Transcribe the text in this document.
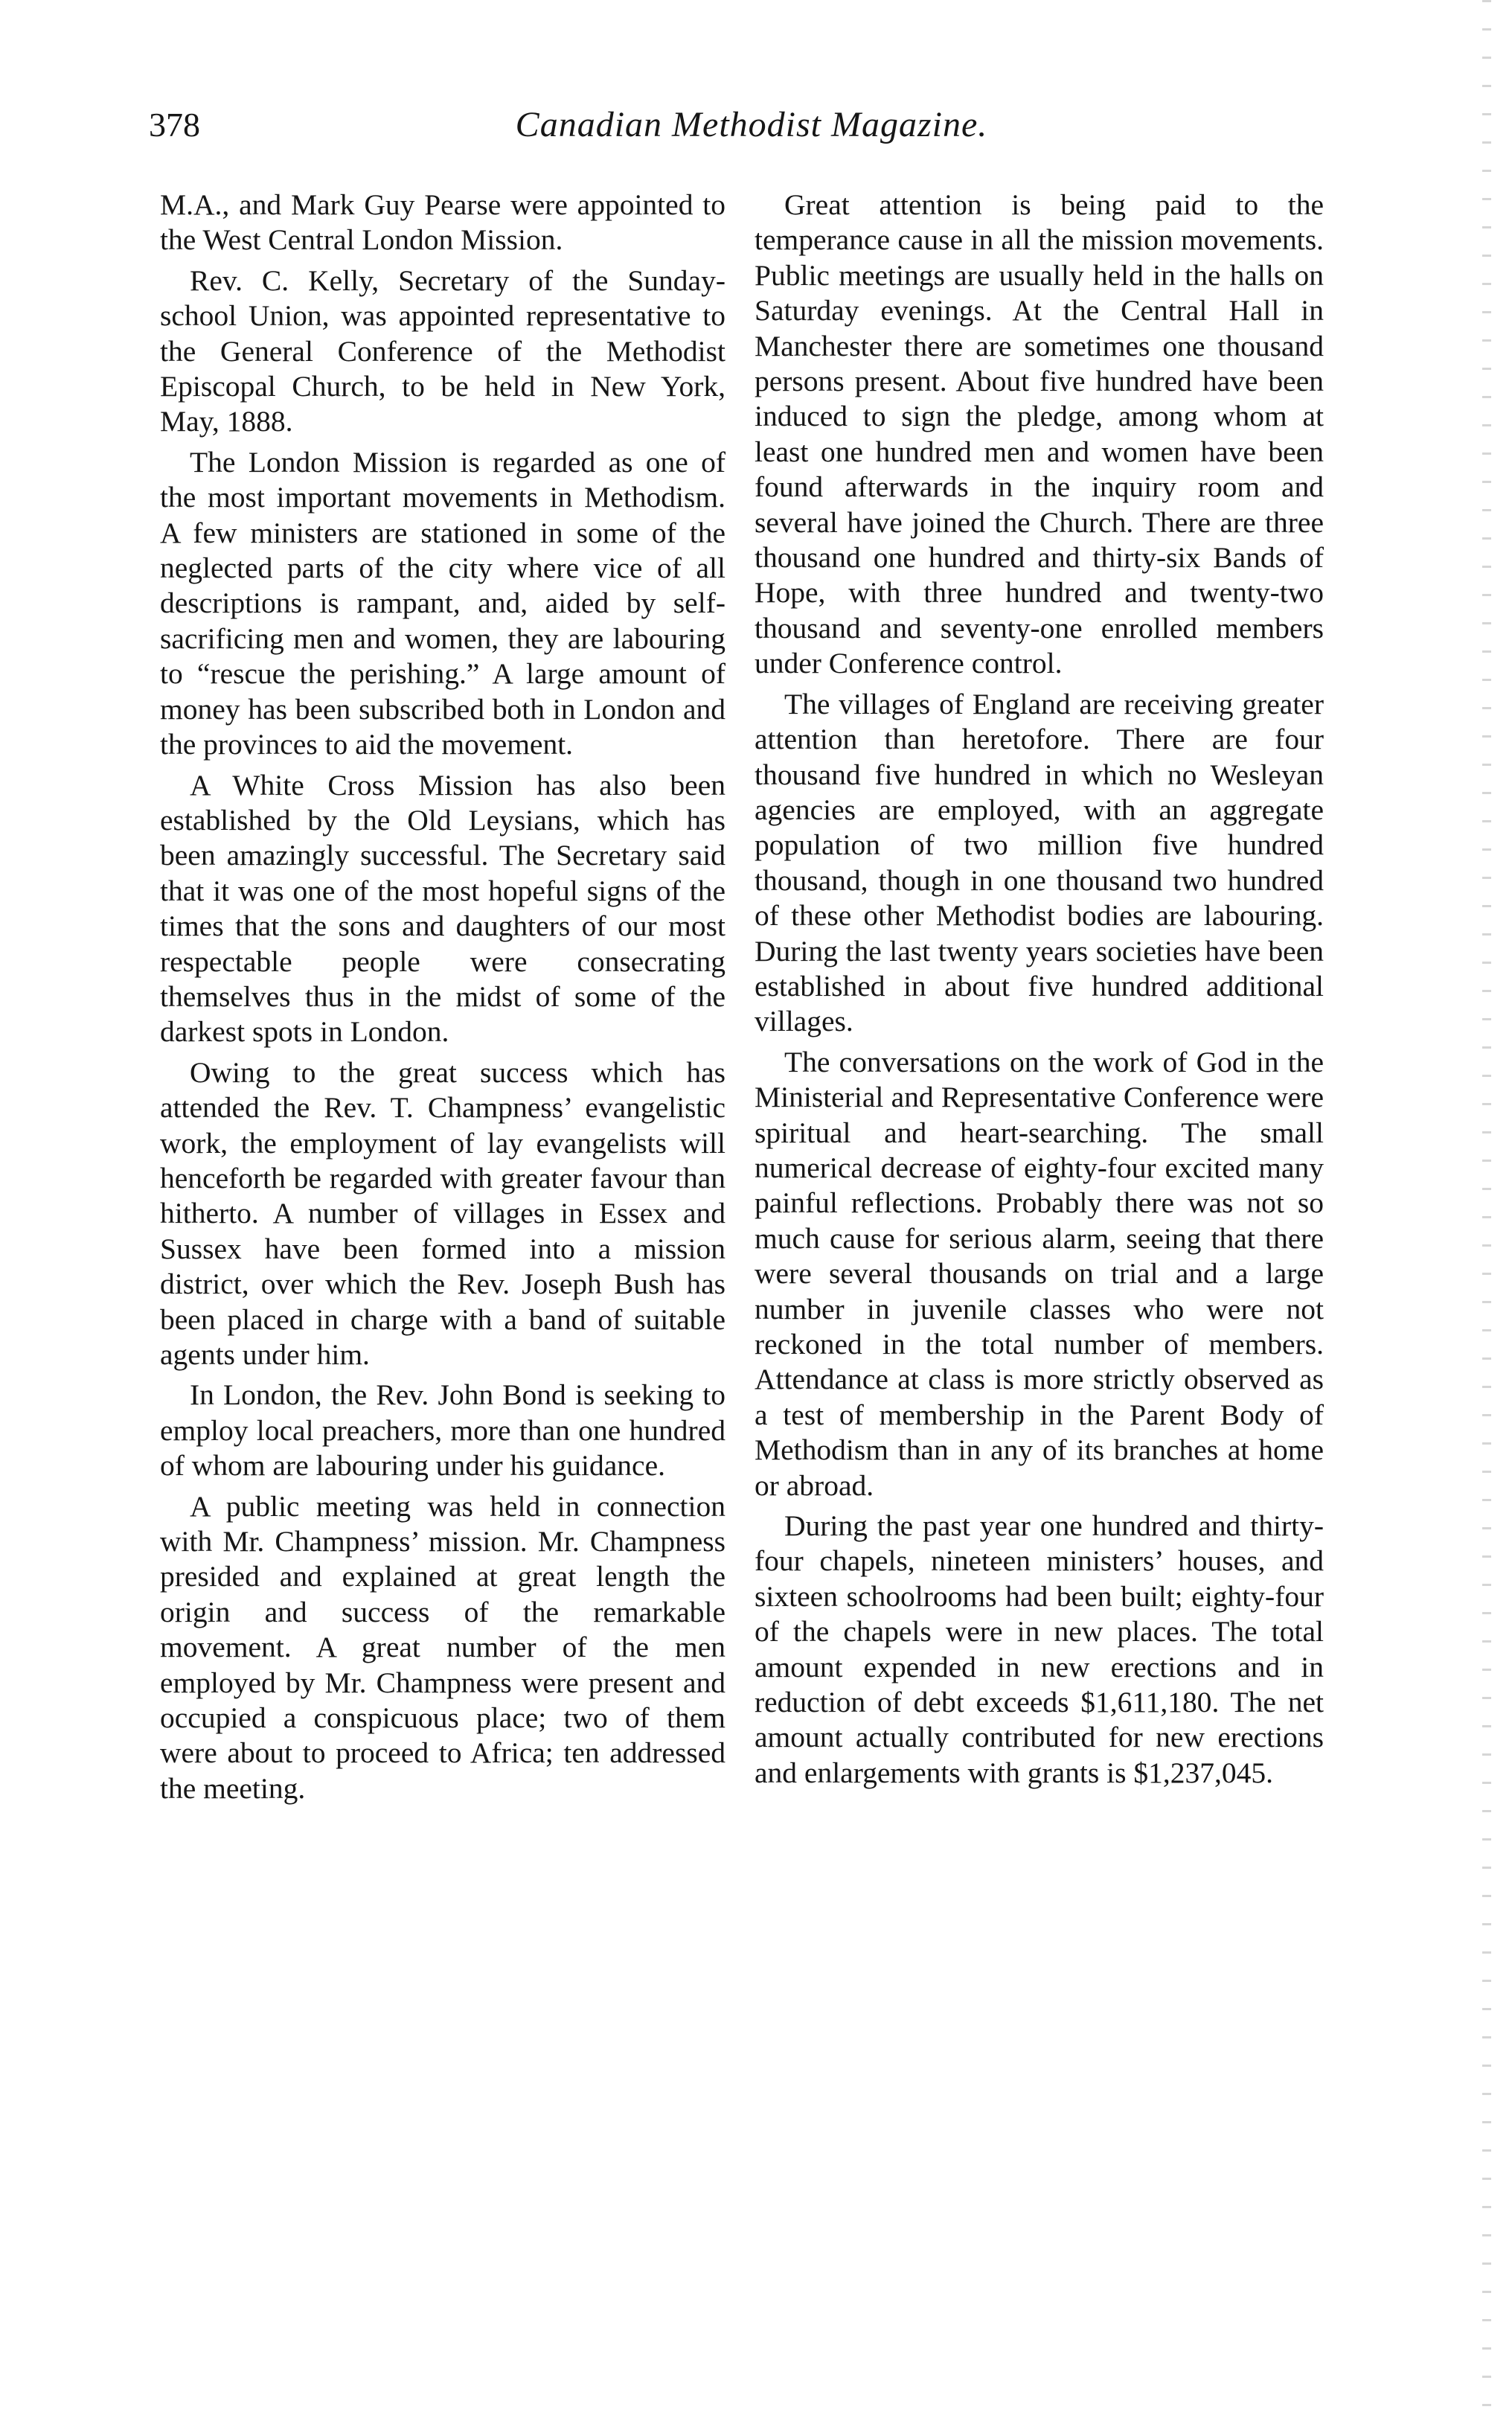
378	Canadian Methodist Magazine.

M.A., and Mark Guy Pearse were appointed to the West Central London Mission.

Rev. C. Kelly, Secretary of the Sunday-school Union, was appointed representative to the General Conference of the Methodist Episcopal Church, to be held in New York, May, 1888.

The London Mission is regarded as one of the most important movements in Methodism. A few ministers are stationed in some of the neglected parts of the city where vice of all descriptions is rampant, and, aided by self-sacrificing men and women, they are labouring to “rescue the perishing.” A large amount of money has been subscribed both in London and the provinces to aid the movement.

A White Cross Mission has also been established by the Old Leysians, which has been amazingly successful. The Secretary said that it was one of the most hopeful signs of the times that the sons and daughters of our most respectable people were consecrating themselves thus in the midst of some of the darkest spots in London.

Owing to the great success which has attended the Rev. T. Champness’ evangelistic work, the employment of lay evangelists will henceforth be regarded with greater favour than hitherto. A number of villages in Essex and Sussex have been formed into a mission district, over which the Rev. Joseph Bush has been placed in charge with a band of suitable agents under him.

In London, the Rev. John Bond is seeking to employ local preachers, more than one hundred of whom are labouring under his guidance.

A public meeting was held in connection with Mr. Champness’ mission. Mr. Champness presided and explained at great length the origin and success of the remarkable movement. A great number of the men employed by Mr. Champness were present and occupied a conspicuous place; two of them were about to proceed to Africa; ten addressed the meeting.

Great attention is being paid to the temperance cause in all the mission movements. Public meetings are usually held in the halls on Saturday evenings. At the Central Hall in Manchester there are sometimes one thousand persons present. About five hundred have been induced to sign the pledge, among whom at least one hundred men and women have been found afterwards in the inquiry room and several have joined the Church. There are three thousand one hundred and thirty-six Bands of Hope, with three hundred and twenty-two thousand and seventy-one enrolled members under Conference control.

The villages of England are receiving greater attention than heretofore. There are four thousand five hundred in which no Wesleyan agencies are employed, with an aggregate population of two million five hundred thousand, though in one thousand two hundred of these other Methodist bodies are labouring. During the last twenty years societies have been established in about five hundred additional villages.

The conversations on the work of God in the Ministerial and Representative Conference were spiritual and heart-searching. The small numerical decrease of eighty-four excited many painful reflections. Probably there was not so much cause for serious alarm, seeing that there were several thousands on trial and a large number in juvenile classes who were not reckoned in the total number of members. Attendance at class is more strictly observed as a test of membership in the Parent Body of Methodism than in any of its branches at home or abroad.

During the past year one hundred and thirty-four chapels, nineteen ministers’ houses, and sixteen schoolrooms had been built; eighty-four of the chapels were in new places. The total amount expended in new erections and in reduction of debt exceeds $1,611,180. The net amount actually contributed for new erections and enlargements with grants is $1,237,045.
